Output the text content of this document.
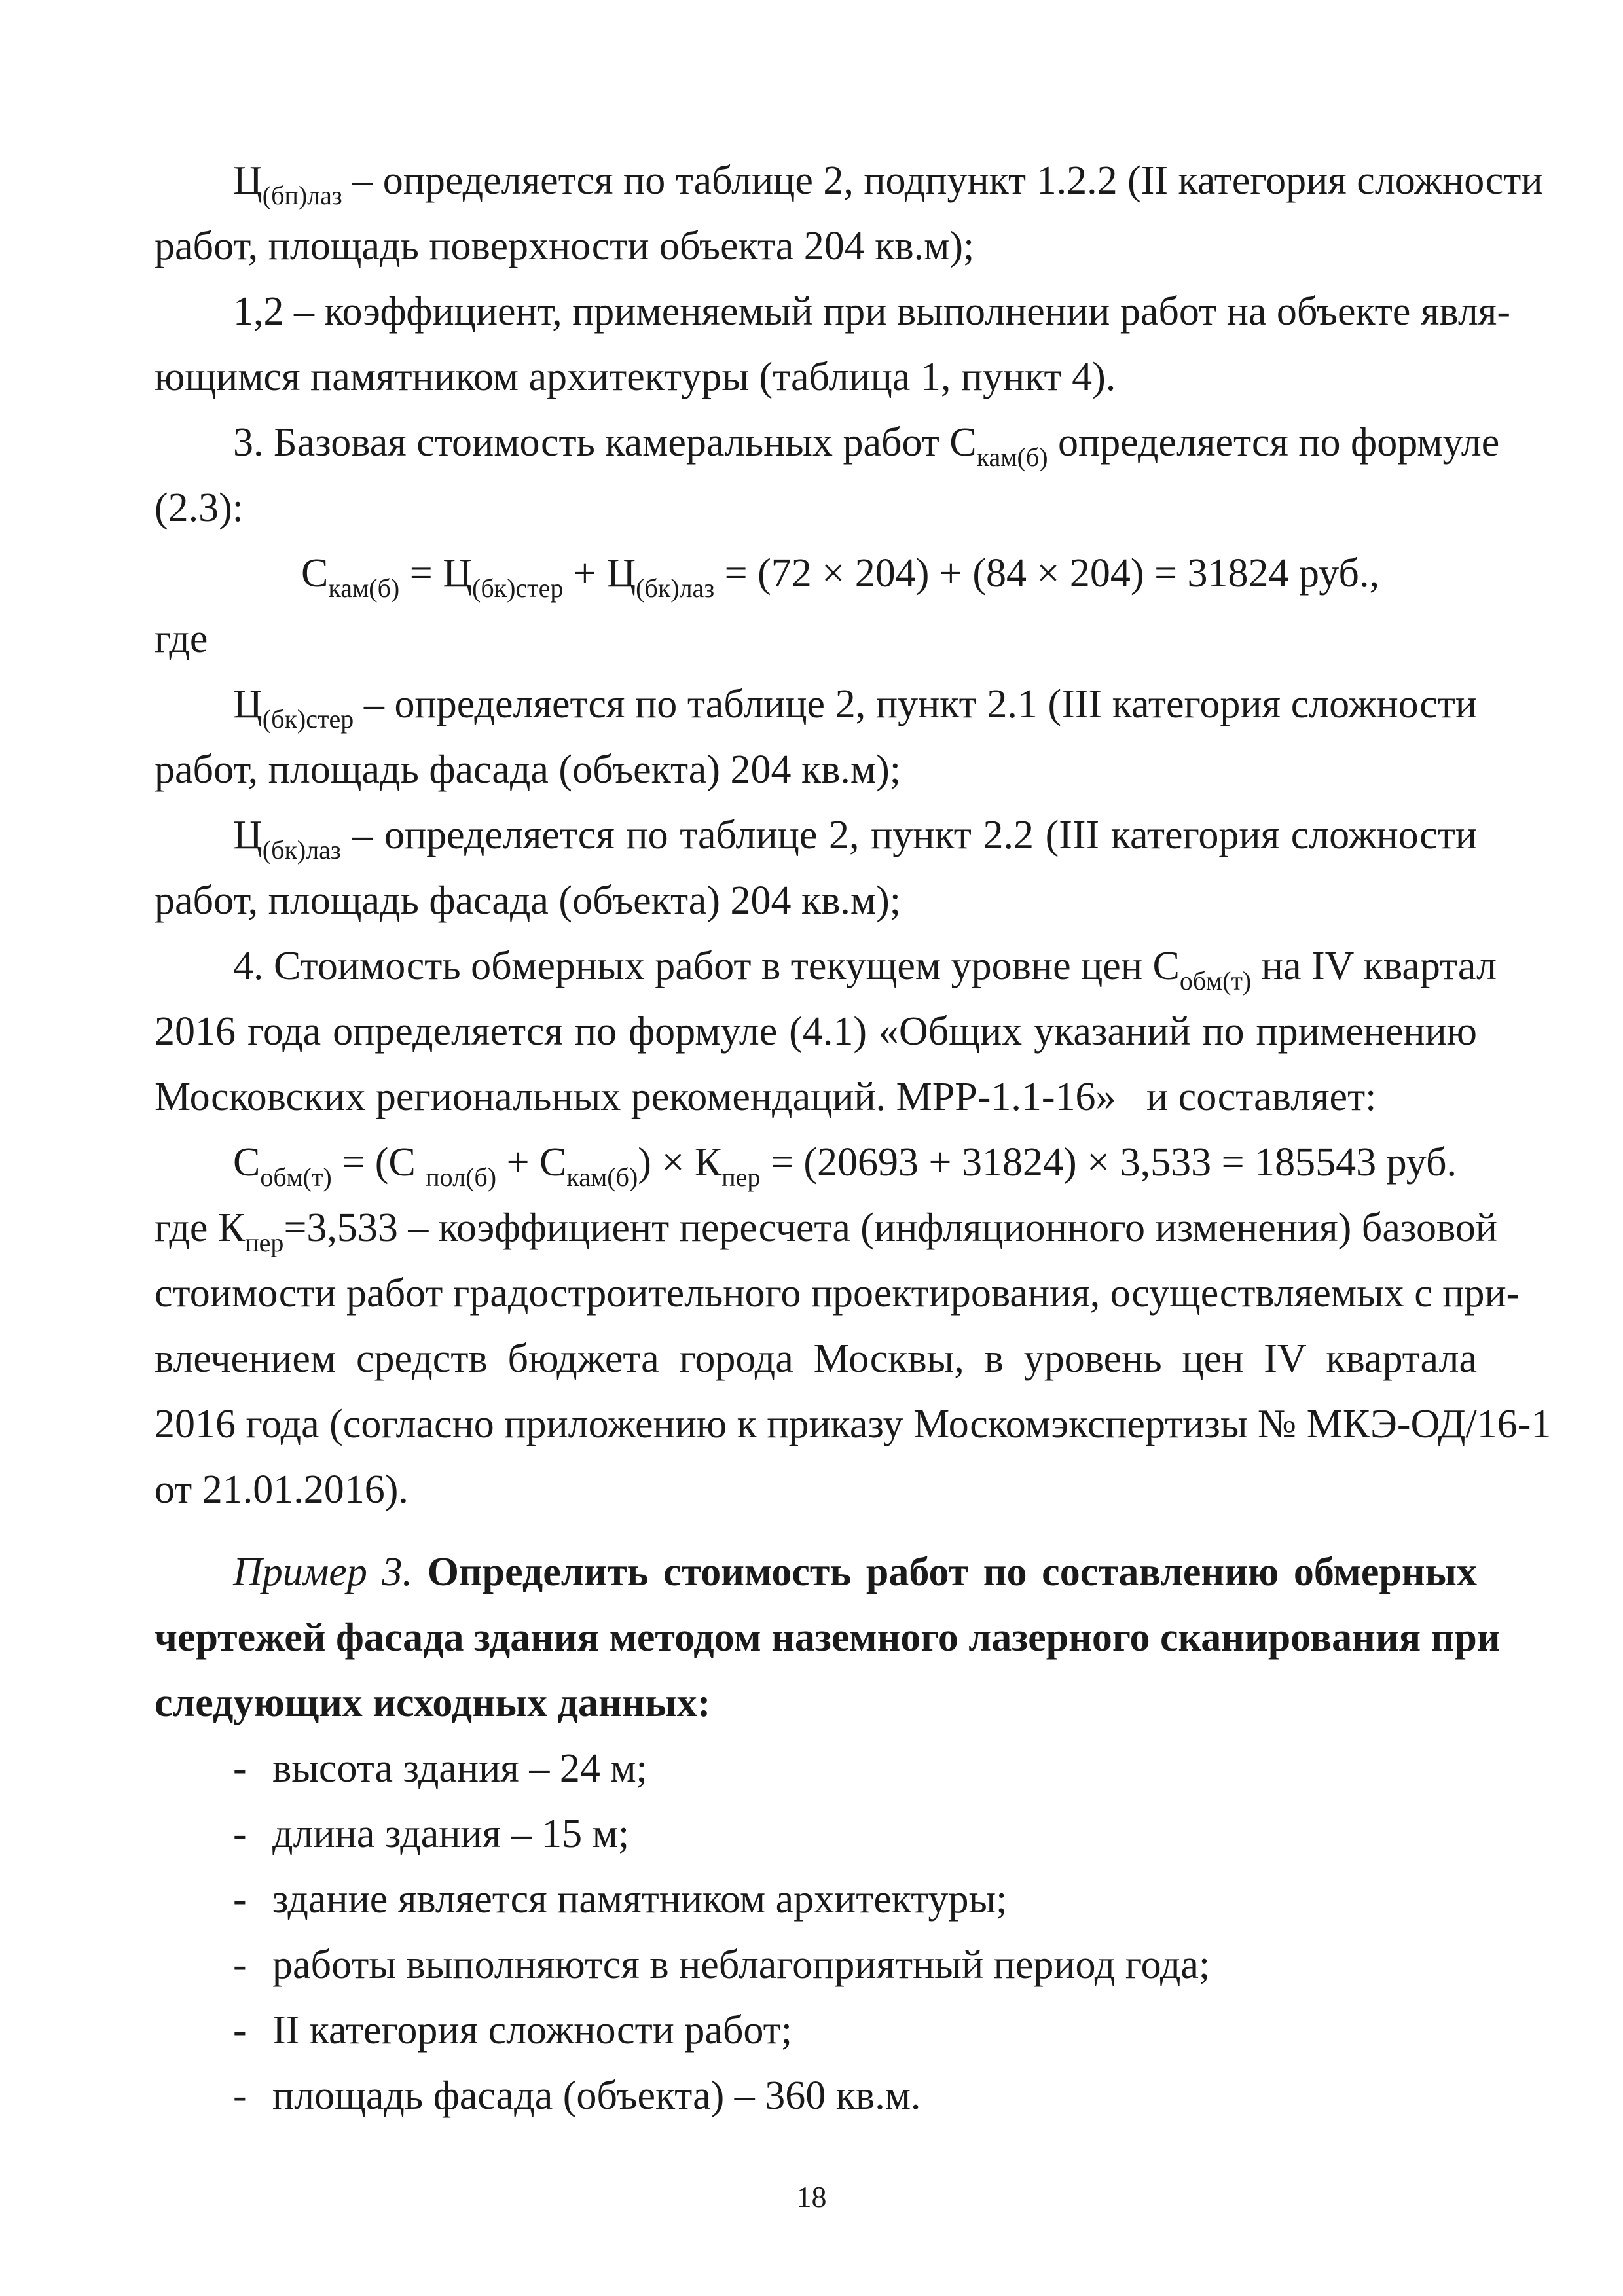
$Ц_{(бп)лаз}$ – определяется по таблице 2, подпункт 1.2.2 (II категория сложности
работ, площадь поверхности объекта 204 кв.м);
1,2 – коэффициент, применяемый при выполнении работ на объекте явля-
ющимся памятником архитектуры (таблица 1, пункт 4).
3. Базовая стоимость камеральных работ $С_{кам(б)}$ определяется по формуле
(2.3):
$С_{кам(б)} = Ц_{(бк)стер} + Ц_{(бк)лаз} = (72 \times 204) + (84 \times 204) = 31824$ руб.,
где
$Ц_{(бк)стер}$ – определяется по таблице 2, пункт 2.1 (III категория сложности
работ, площадь фасада (объекта) 204 кв.м);
$Ц_{(бк)лаз}$ – определяется по таблице 2, пункт 2.2 (III категория сложности
работ, площадь фасада (объекта) 204 кв.м);
4. Стоимость обмерных работ в текущем уровне цен $С_{обм(т)}$ на IV квартал
2016 года определяется по формуле (4.1) «Общих указаний по применению
Московских региональных рекомендаций. МРР-1.1-16»   и составляет:
$С_{обм(т)} = (С$ $_{пол(б)} + С_{кам(б)}) \times К_{пер} = (20693 + 31824) \times 3,533 = 185543$ руб.
где $К_{пер}=3,533$ – коэффициент пересчета (инфляционного изменения) базовой
стоимости работ градостроительного проектирования, осуществляемых с при-
влечением средств бюджета города Москвы, в уровень цен IV квартала
2016 года (согласно приложению к приказу Москомэкспертизы № МКЭ-ОД/16-1
от 21.01.2016).
Пример 3. Определить стоимость работ по составлению обмерных
чертежей фасада здания методом наземного лазерного сканирования при
следующих исходных данных:
- высота здания – 24 м;
- длина здания – 15 м;
- здание является памятником архитектуры;
- работы выполняются в неблагоприятный период года;
- II категория сложности работ;
- площадь фасада (объекта) – 360 кв.м.
18
